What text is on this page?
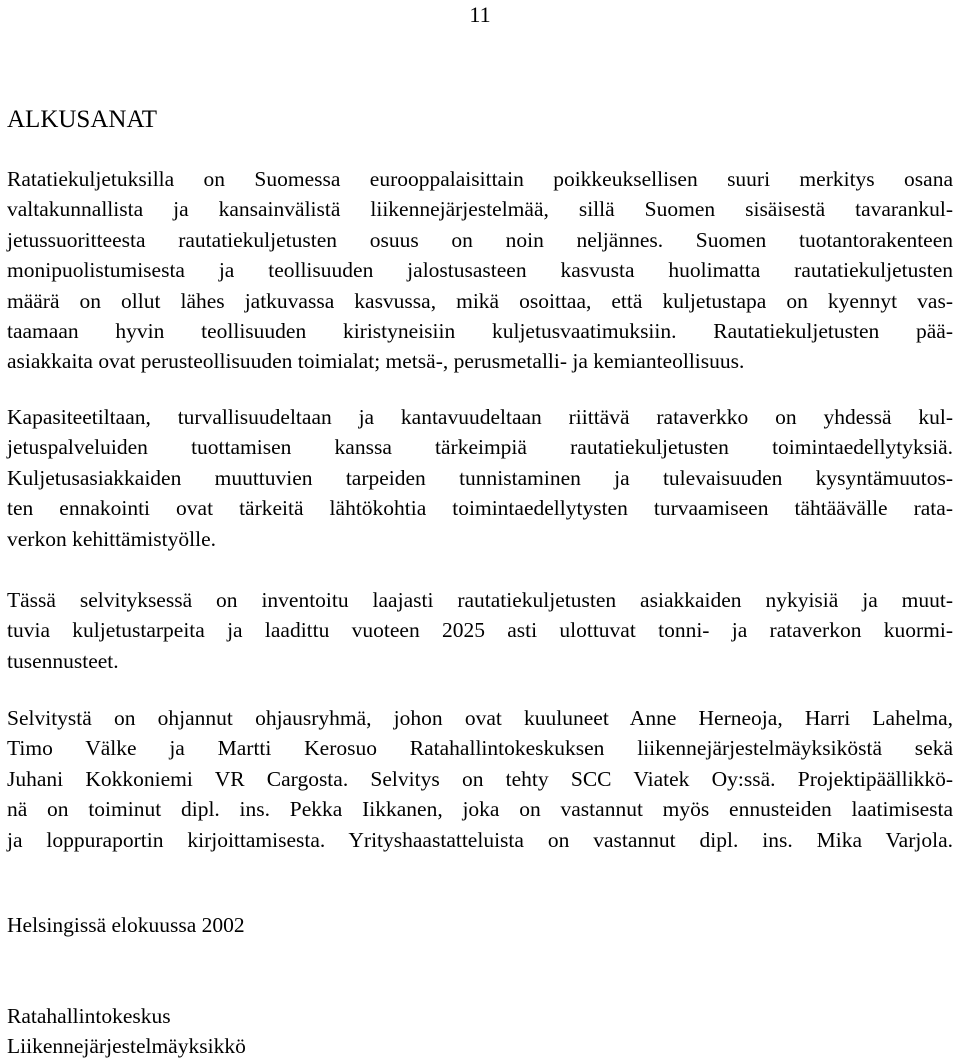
11
ALKUSANAT

Ratatiekuljetuksilla on Suomessa eurooppalaisittain poikkeuksellisen suuri merkitys osana
valtakunnallista ja kansainvälistä liikennejärjestelmää, sillä Suomen sisäisestä tavarankul-
jetussuoritteesta rautatiekuljetusten osuus on noin neljännes. Suomen tuotantorakenteen
monipuolistumisesta ja teollisuuden jalostusasteen kasvusta huolimatta rautatiekuljetusten
määrä on ollut lähes jatkuvassa kasvussa, mikä osoittaa, että kuljetustapa on kyennyt vas-
taamaan hyvin teollisuuden kiristyneisiin kuljetusvaatimuksiin. Rautatiekuljetusten pää-
asiakkaita ovat perusteollisuuden toimialat; metsä-, perusmetalli- ja kemianteollisuus.

Kapasiteetiltaan, turvallisuudeltaan ja kantavuudeltaan riittävä rataverkko on yhdessä kul-
jetuspalveluiden tuottamisen kanssa tärkeimpiä rautatiekuljetusten toimintaedellytyksiä.
Kuljetusasiakkaiden muuttuvien tarpeiden tunnistaminen ja tulevaisuuden kysyntämuutos-
ten ennakointi ovat tärkeitä lähtökohtia toimintaedellytysten turvaamiseen tähtäävälle rata-
verkon kehittämistyölle.

Tässä selvityksessä on inventoitu laajasti rautatiekuljetusten asiakkaiden nykyisiä ja muut-
tuvia kuljetustarpeita ja laadittu vuoteen 2025 asti ulottuvat tonni- ja rataverkon kuormi-
tusennusteet.

Selvitystä on ohjannut ohjausryhmä, johon ovat kuuluneet Anne Herneoja, Harri Lahelma,
Timo Välke ja Martti Kerosuo Ratahallintokeskuksen liikennejärjestelmäyksiköstä sekä
Juhani Kokkoniemi VR Cargosta. Selvitys on tehty SCC Viatek Oy:ssä. Projektipäällikkö-
nä on toiminut dipl. ins. Pekka Iikkanen, joka on vastannut myös ennusteiden laatimisesta
ja loppuraportin kirjoittamisesta. Yrityshaastatteluista on vastannut dipl. ins. Mika Varjola.

Helsingissä elokuussa 2002
Ratahallintokeskus
Liikennejärjestelmäyksikkö
